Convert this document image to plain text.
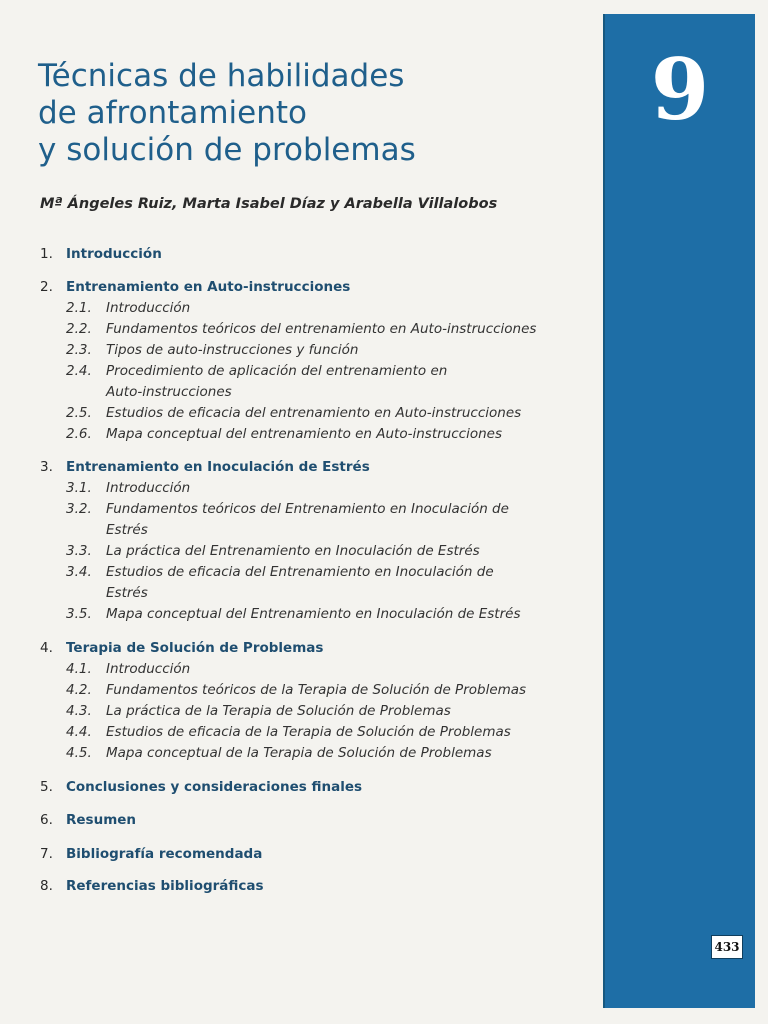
9
433
Técnicas de habilidades
de afrontamiento
y solución de problemas
Mª Ángeles Ruiz, Marta Isabel Díaz y Arabella Villalobos
1. Introducción
2. Entrenamiento en Auto-instrucciones
2.1. Introducción
2.2. Fundamentos teóricos del entrenamiento en Auto-instrucciones
2.3. Tipos de auto-instrucciones y función
2.4. Procedimiento de aplicación del entrenamiento en
Auto-instrucciones
2.5. Estudios de eficacia del entrenamiento en Auto-instrucciones
2.6. Mapa conceptual del entrenamiento en Auto-instrucciones
3. Entrenamiento en Inoculación de Estrés
3.1. Introducción
3.2. Fundamentos teóricos del Entrenamiento en Inoculación de
Estrés
3.3. La práctica del Entrenamiento en Inoculación de Estrés
3.4. Estudios de eficacia del Entrenamiento en Inoculación de
Estrés
3.5. Mapa conceptual del Entrenamiento en Inoculación de Estrés
4. Terapia de Solución de Problemas
4.1. Introducción
4.2. Fundamentos teóricos de la Terapia de Solución de Problemas
4.3. La práctica de la Terapia de Solución de Problemas
4.4. Estudios de eficacia de la Terapia de Solución de Problemas
4.5. Mapa conceptual de la Terapia de Solución de Problemas
5. Conclusiones y consideraciones finales
6. Resumen
7. Bibliografía recomendada
8. Referencias bibliográficas
